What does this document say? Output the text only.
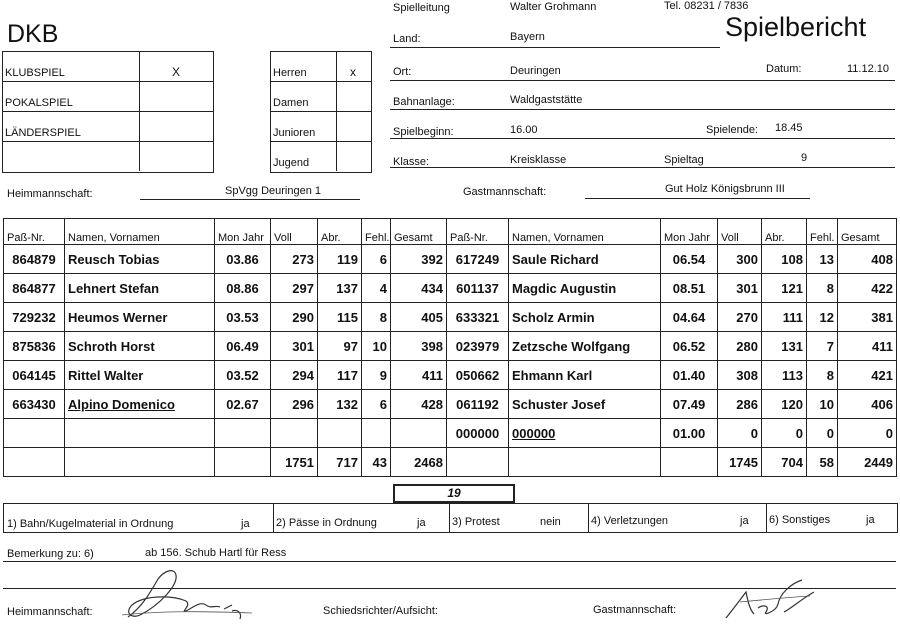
DKB	Spielbericht
Spielleitung	Walter Grohmann	Tel. 08231 / 7836
Land:	Bayern
Ort:	Deuringen	Datum:	11.12.10
Bahnanlage:	Waldgaststätte
Spielbeginn:	16.00	Spielende: 18.45
Klasse:	Kreisklasse	Spieltag	9
KLUBSPIEL	X
POKALSPIEL
LÄNDERSPIEL
Herren	x
Damen
Junioren
Jugend
Heimmannschaft:	SpVgg Deuringen 1	Gastmannschaft:	Gut Holz Königsbrunn III
Paß-Nr.	Namen, Vornamen	Mon Jahr	Voll	Abr.	Fehl.	Gesamt	Paß-Nr.	Namen, Vornamen	Mon Jahr	Voll	Abr.	Fehl.	Gesamt
864879	Reusch Tobias	03.86	273	119	6	392	617249	Saule Richard	06.54	300	108	13	408
864877	Lehnert Stefan	08.86	297	137	4	434	601137	Magdic Augustin	08.51	301	121	8	422
729232	Heumos Werner	03.53	290	115	8	405	633321	Scholz Armin	04.64	270	111	12	381
875836	Schroth Horst	06.49	301	97	10	398	023979	Zetzsche Wolfgang	06.52	280	131	7	411
064145	Rittel Walter	03.52	294	117	9	411	050662	Ehmann Karl	01.40	308	113	8	421
663430	Alpino Domenico	02.67	296	132	6	428	061192	Schuster Josef	07.49	286	120	10	406
							000000	000000	01.00	0	0	0	0
			1751	717	43	2468				1745	704	58	2449
19
1) Bahn/Kugelmaterial in Ordnung	ja 2) Pässe in Ordnung	ja 3) Protest	nein	4) Verletzungen	ja 6) Sonstiges	ja
Bemerkung zu: 6)	ab 156. Schub Hartl für Ress
Heimmannschaft:	Schiedsrichter/Aufsicht:	Gastmannschaft:
